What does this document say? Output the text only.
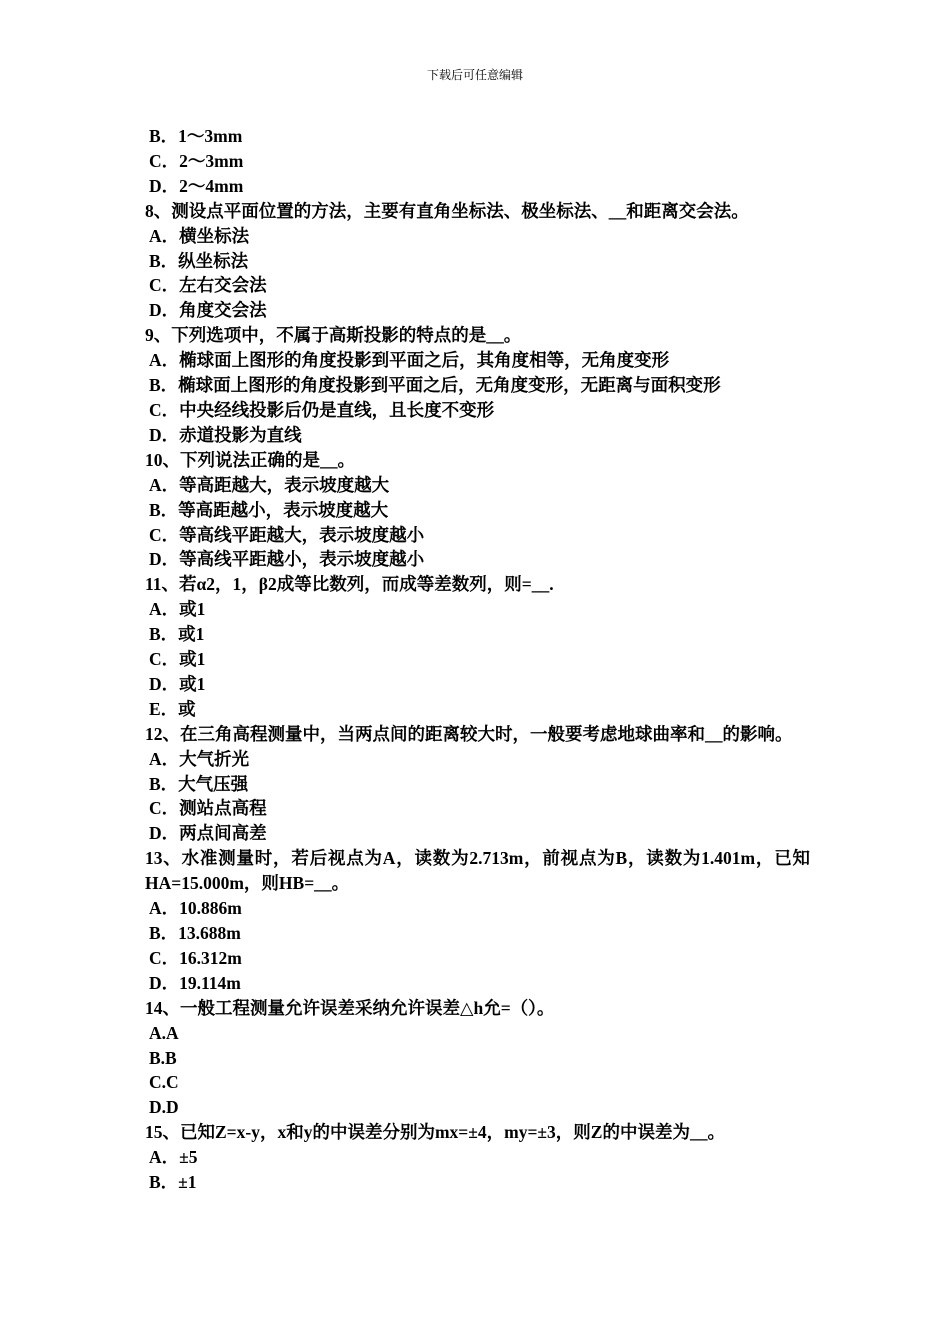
下载后可任意编辑
B．1～3mm
C．2～3mm
D．2～4mm
8、测设点平面位置的方法，主要有直角坐标法、极坐标法、__和距离交会法。
A．横坐标法
B．纵坐标法
C．左右交会法
D．角度交会法
9、下列选项中，不属于高斯投影的特点的是__。
A．椭球面上图形的角度投影到平面之后，其角度相等，无角度变形
B．椭球面上图形的角度投影到平面之后，无角度变形，无距离与面积变形
C．中央经线投影后仍是直线，且长度不变形
D．赤道投影为直线
10、下列说法正确的是__。
A．等高距越大，表示坡度越大
B．等高距越小，表示坡度越大
C．等高线平距越大，表示坡度越小
D．等高线平距越小，表示坡度越小
11、若α2，1，β2成等比数列，而成等差数列，则=__.
A．或1
B．或1
C．或1
D．或1
E．或
12、在三角高程测量中，当两点间的距离较大时，一般要考虑地球曲率和__的影响。
A．大气折光
B．大气压强
C．测站点高程
D．两点间高差
13、水准测量时，若后视点为A，读数为2.713m，前视点为B，读数为1.401m，已知HA=15.000m，则HB=__。
A．10.886m
B．13.688m
C．16.312m
D．19.114m
14、一般工程测量允许误差采纳允许误差△h允=（）。
A.A
B.B
C.C
D.D
15、已知Z=x-y，x和y的中误差分别为mx=±4，my=±3，则Z的中误差为__。
A．±5
B．±1
